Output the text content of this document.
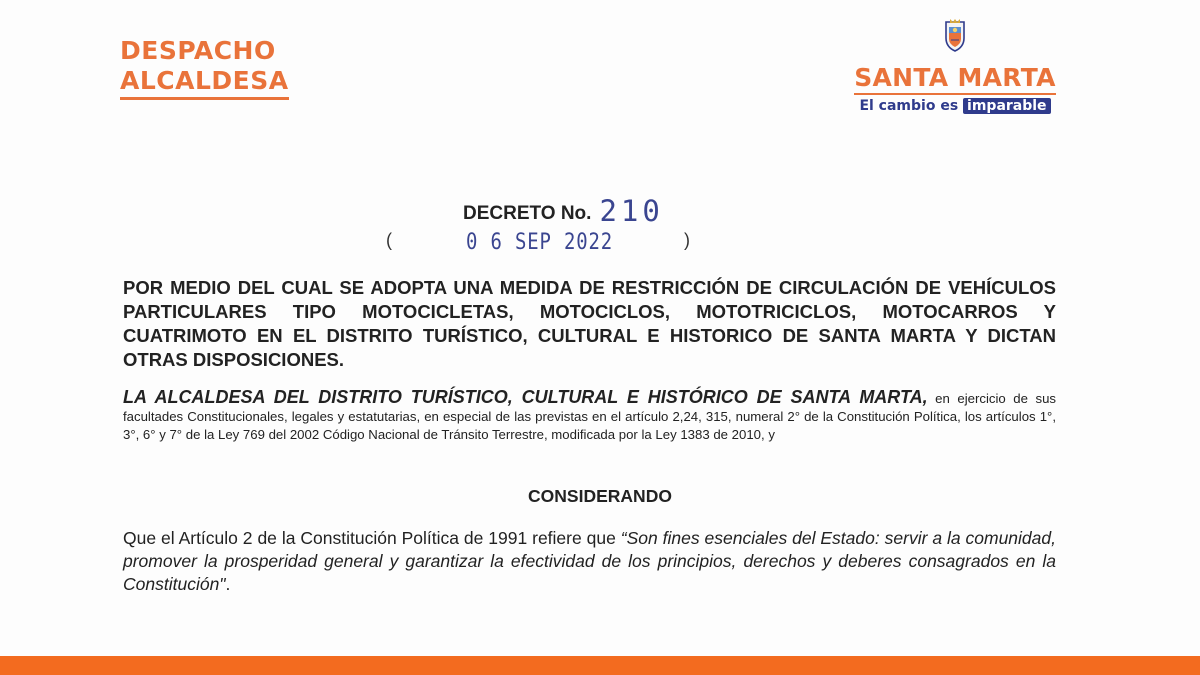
DESPACHO
ALCALDESA	SANTA MARTA
El cambio es imparable
DECRETO No. 210
(	0 6 SEP 2022	)
POR MEDIO DEL CUAL SE ADOPTA UNA MEDIDA DE RESTRICCIÓN DE CIRCULACIÓN DE VEHÍCULOS PARTICULARES TIPO MOTOCICLETAS, MOTOCICLOS, MOTOTRICICLOS, MOTOCARROS Y CUATRIMOTO EN EL DISTRITO TURÍSTICO, CULTURAL E HISTORICO DE SANTA MARTA Y DICTAN OTRAS DISPOSICIONES.
LA ALCALDESA DEL DISTRITO TURÍSTICO, CULTURAL E HISTÓRICO DE SANTA MARTA, en ejercicio de sus facultades Constitucionales, legales y estatutarias, en especial de las previstas en el artículo 2,24, 315, numeral 2° de la Constitución Política, los artículos 1°, 3°, 6° y 7° de la Ley 769 del 2002 Código Nacional de Tránsito Terrestre, modificada por la Ley 1383 de 2010, y
CONSIDERANDO
Que el Artículo 2 de la Constitución Política de 1991 refiere que “Son fines esenciales del Estado: servir a la comunidad, promover la prosperidad general y garantizar la efectividad de los principios, derechos y deberes consagrados en la Constitución".
